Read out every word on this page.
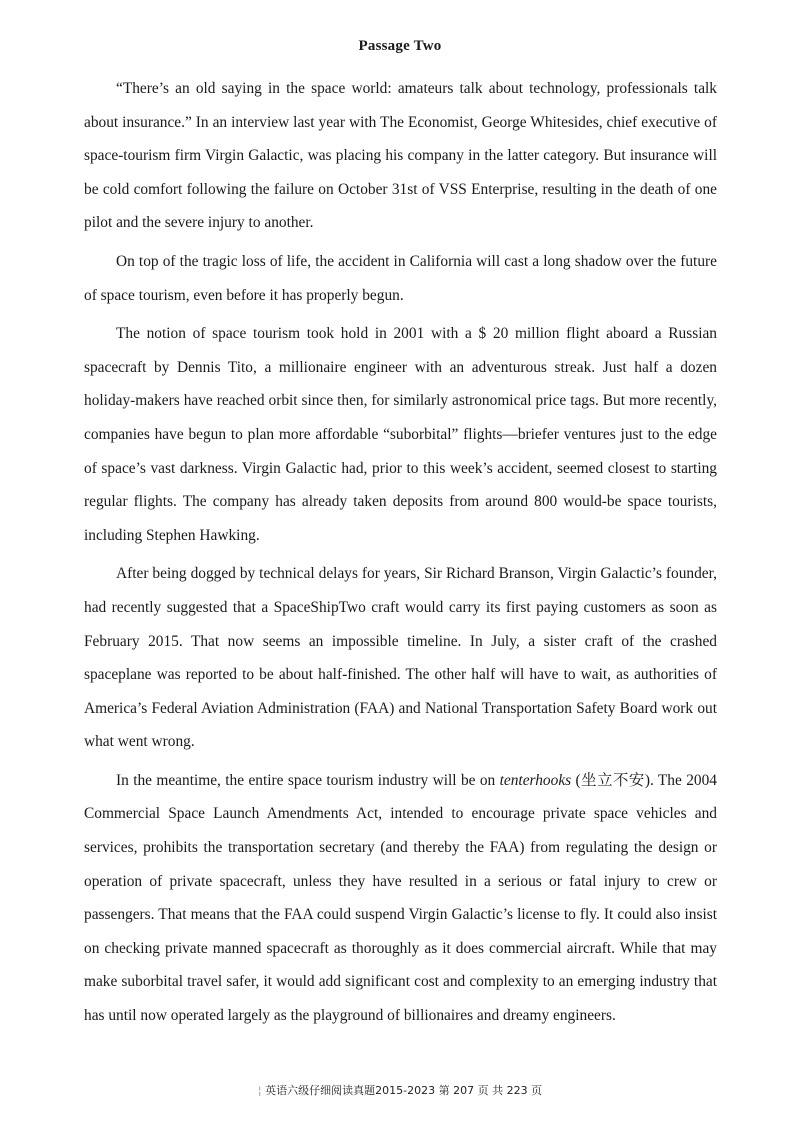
Passage Two

“There’s an old saying in the space world: amateurs talk about technology, professionals talk about insurance.” In an interview last year with The Economist, George Whitesides, chief executive of space-tourism firm Virgin Galactic, was placing his company in the latter category. But insurance will be cold comfort following the failure on October 31st of VSS Enterprise, resulting in the death of one pilot and the severe injury to another.

On top of the tragic loss of life, the accident in California will cast a long shadow over the future of space tourism, even before it has properly begun.

The notion of space tourism took hold in 2001 with a $ 20 million flight aboard a Russian spacecraft by Dennis Tito, a millionaire engineer with an adventurous streak. Just half a dozen holiday-makers have reached orbit since then, for similarly astronomical price tags. But more recently, companies have begun to plan more affordable “suborbital” flights—briefer ventures just to the edge of space’s vast darkness. Virgin Galactic had, prior to this week’s accident, seemed closest to starting regular flights. The company has already taken deposits from around 800 would-be space tourists, including Stephen Hawking.

After being dogged by technical delays for years, Sir Richard Branson, Virgin Galactic’s founder, had recently suggested that a SpaceShipTwo craft would carry its first paying customers as soon as February 2015. That now seems an impossible timeline. In July, a sister craft of the crashed spaceplane was reported to be about half-finished. The other half will have to wait, as authorities of America’s Federal Aviation Administration (FAA) and National Transportation Safety Board work out what went wrong.

In the meantime, the entire space tourism industry will be on tenterhooks (坐立不安). The 2004 Commercial Space Launch Amendments Act, intended to encourage private space vehicles and services, prohibits the transportation secretary (and thereby the FAA) from regulating the design or operation of private spacecraft, unless they have resulted in a serious or fatal injury to crew or passengers. That means that the FAA could suspend Virgin Galactic’s license to fly. It could also insist on checking private manned spacecraft as thoroughly as it does commercial aircraft. While that may make suborbital travel safer, it would add significant cost and complexity to an emerging industry that has until now operated largely as the playground of billionaires and dreamy engineers.

¦ 英语六级仔细阅读真题2015-2023 第 207 页 共 223 页
